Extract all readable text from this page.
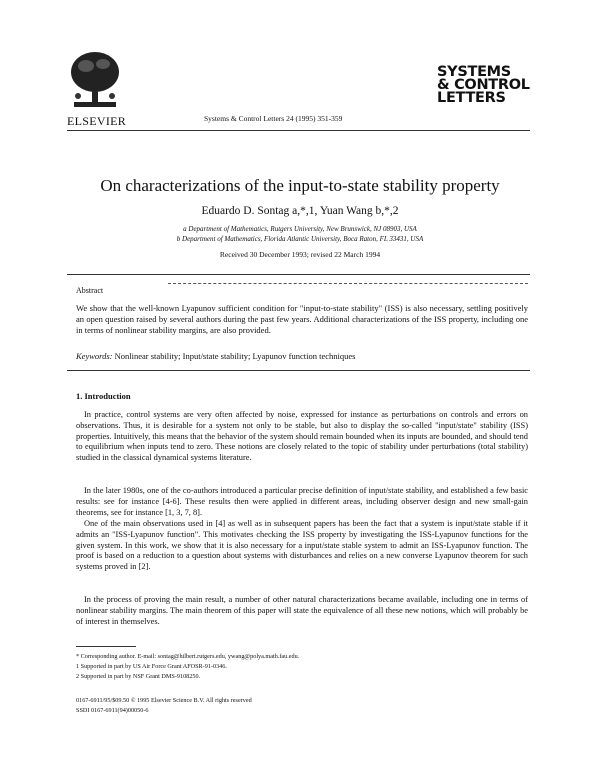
ELSEVIER	Systems & Control Letters 24 (1995) 351-359
SYSTEMS
& CONTROL
LETTERS
On characterizations of the input-to-state stability property
Eduardo D. Sontag a,*,1, Yuan Wang b,*,2
a Department of Mathematics, Rutgers University, New Brunswick, NJ 08903, USA
b Department of Mathematics, Florida Atlantic University, Boca Raton, FL 33431, USA
Received 30 December 1993; revised 22 March 1994
Abstract
We show that the well-known Lyapunov sufficient condition for "input-to-state stability" (ISS) is also necessary, settling positively an open question raised by several authors during the past few years. Additional characterizations of the ISS property, including one in terms of nonlinear stability margins, are also provided.
Keywords: Nonlinear stability; Input/state stability; Lyapunov function techniques
1. Introduction
In practice, control systems are very often affected by noise, expressed for instance as perturbations on controls and errors on observations. Thus, it is desirable for a system not only to be stable, but also to display the so-called "input/state" stability (ISS) properties. Intuitively, this means that the behavior of the system should remain bounded when its inputs are bounded, and should tend to equilibrium when inputs tend to zero. These notions are closely related to the topic of stability under perturbations (total stability) studied in the classical dynamical systems literature.
In the later 1980s, one of the co-authors introduced a particular precise definition of input/state stability, and established a few basic results: see for instance [4-6]. These results then were applied in different areas, including observer design and new small-gain theorems, see for instance [1, 3, 7, 8].
One of the main observations used in [4] as well as in subsequent papers has been the fact that a system is input/state stable if it admits an "ISS-Lyapunov function". This motivates checking the ISS property by investigating the ISS-Lyapunov functions for the given system. In this work, we show that it is also necessary for a input/state stable system to admit an ISS-Lyapunov function. The proof is based on a reduction to a question about systems with disturbances and relies on a new converse Lyapunov theorem for such systems proved in [2].
In the process of proving the main result, a number of other natural characterizations became available, including one in terms of nonlinear stability margins. The main theorem of this paper will state the equivalence of all these new notions, which will probably be of interest in themselves.
* Corresponding author. E-mail: sontag@hilbert.rutgers.edu, ywang@polya.math.fau.edu.
1 Supported in part by US Air Force Grant AFOSR-91-0346.
2 Supported in part by NSF Grant DMS-9108250.
0167-6911/95/$09.50 © 1995 Elsevier Science B.V. All rights reserved
SSDI 0167-6911(94)00050-6
